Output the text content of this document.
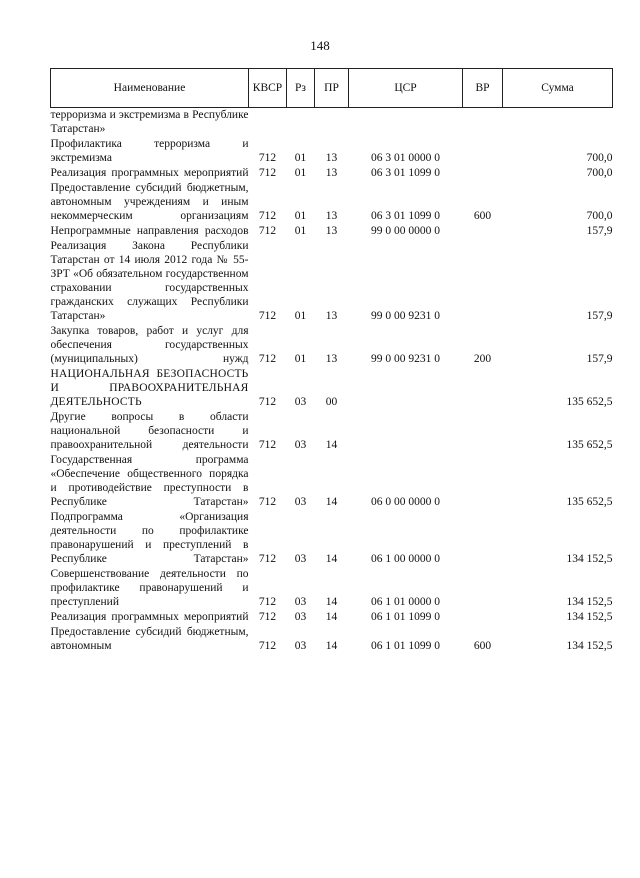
148
Наименование	КВСР	Рз	ПР	ЦСР	ВР	Сумма
терроризма и экстремизма в Республике Татарстан»						
Профилактика терроризма и экстремизма	712	01	13	06 3 01 0000 0		700,0
Реализация программных мероприятий	712	01	13	06 3 01 1099 0		700,0
Предоставление субсидий бюджетным, автономным учреждениям и иным некоммерческим организациям	712	01	13	06 3 01 1099 0	600	700,0
Непрограммные направления расходов	712	01	13	99 0 00 0000 0		157,9
Реализация Закона Республики Татарстан от 14 июля 2012 года № 55-ЗРТ «Об обязательном государственном страховании государственных гражданских служащих Республики Татарстан»	712	01	13	99 0 00 9231 0		157,9
Закупка товаров, работ и услуг для обеспечения государственных (муниципальных) нужд	712	01	13	99 0 00 9231 0	200	157,9
НАЦИОНАЛЬНАЯ БЕЗОПАСНОСТЬ И ПРАВООХРАНИТЕЛЬНАЯ ДЕЯТЕЛЬНОСТЬ	712	03	00			135 652,5
Другие вопросы в области национальной безопасности и правоохранительной деятельности	712	03	14			135 652,5
Государственная программа «Обеспечение общественного порядка и противодействие преступности в Республике Татарстан»	712	03	14	06 0 00 0000 0		135 652,5
Подпрограмма «Организация деятельности по профилактике правонарушений и преступлений в Республике Татарстан»	712	03	14	06 1 00 0000 0		134 152,5
Совершенствование деятельности по профилактике правонарушений и преступлений	712	03	14	06 1 01 0000 0		134 152,5
Реализация программных мероприятий	712	03	14	06 1 01 1099 0		134 152,5
Предоставление субсидий бюджетным, автономным	712	03	14	06 1 01 1099 0	600	134 152,5
